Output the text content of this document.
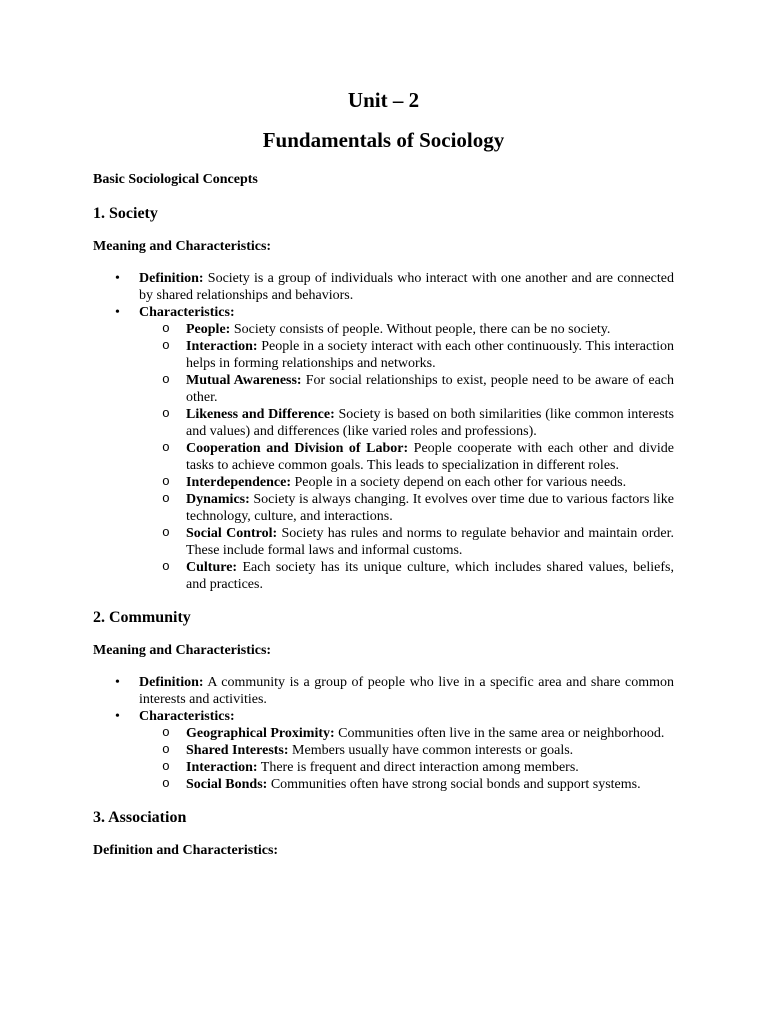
Unit – 2
Fundamentals of Sociology

Basic Sociological Concepts

1. Society

Meaning and Characteristics:

• Definition: Society is a group of individuals who interact with one another and are connected by shared relationships and behaviors.
• Characteristics:
o People: Society consists of people. Without people, there can be no society.
o Interaction: People in a society interact with each other continuously. This interaction helps in forming relationships and networks.
o Mutual Awareness: For social relationships to exist, people need to be aware of each other.
o Likeness and Difference: Society is based on both similarities (like common interests and values) and differences (like varied roles and professions).
o Cooperation and Division of Labor: People cooperate with each other and divide tasks to achieve common goals. This leads to specialization in different roles.
o Interdependence: People in a society depend on each other for various needs.
o Dynamics: Society is always changing. It evolves over time due to various factors like technology, culture, and interactions.
o Social Control: Society has rules and norms to regulate behavior and maintain order. These include formal laws and informal customs.
o Culture: Each society has its unique culture, which includes shared values, beliefs, and practices.
2. Community

Meaning and Characteristics:

• Definition: A community is a group of people who live in a specific area and share common interests and activities.
• Characteristics:
o Geographical Proximity: Communities often live in the same area or neighborhood.
o Shared Interests: Members usually have common interests or goals.
o Interaction: There is frequent and direct interaction among members.
o Social Bonds: Communities often have strong social bonds and support systems.
3. Association

Definition and Characteristics:
